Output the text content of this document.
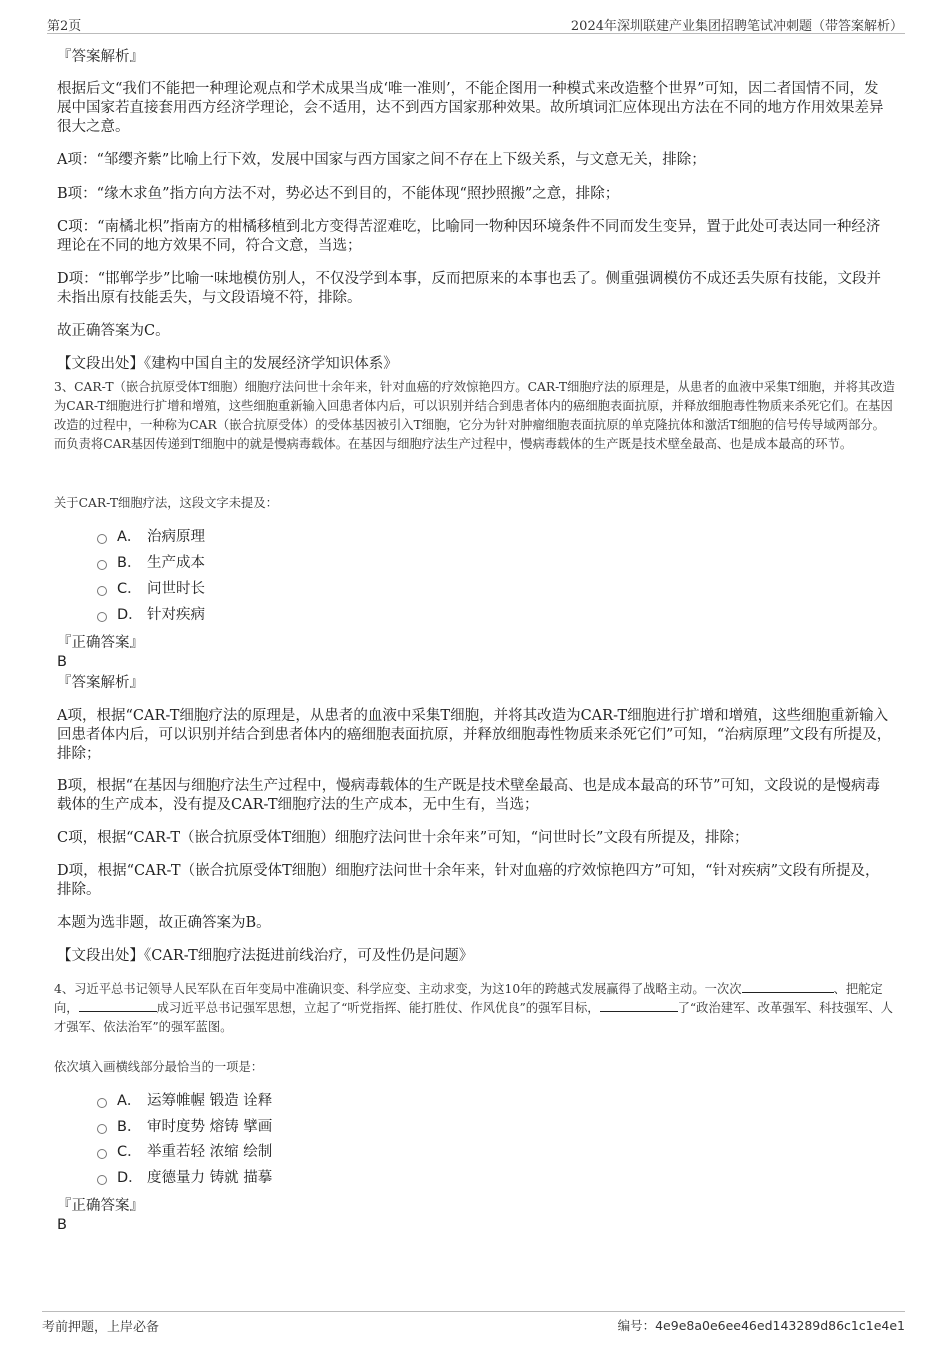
第2页	2024年深圳联建产业集团招聘笔试冲刺题（带答案解析）
『答案解析』
根据后文“我们不能把一种理论观点和学术成果当成‘唯一准则’，不能企图用一种模式来改造整个世界”可知，因二者国情不同，发展中国家若直接套用西方经济学理论，会不适用，达不到西方国家那种效果。故所填词汇应体现出方法在不同的地方作用效果差异很大之意。
A项：“邹缨齐紫”比喻上行下效，发展中国家与西方国家之间不存在上下级关系，与文意无关，排除；
B项：“缘木求鱼”指方向方法不对，势必达不到目的，不能体现“照抄照搬”之意，排除；
C项：“南橘北枳”指南方的柑橘移植到北方变得苦涩难吃，比喻同一物种因环境条件不同而发生变异，置于此处可表达同一种经济理论在不同的地方效果不同，符合文意，当选；
D项：“邯郸学步”比喻一味地模仿别人，不仅没学到本事，反而把原来的本事也丢了。侧重强调模仿不成还丢失原有技能，文段并未指出原有技能丢失，与文段语境不符，排除。
故正确答案为C。
【文段出处】《建构中国自主的发展经济学知识体系》
3、CAR-T（嵌合抗原受体T细胞）细胞疗法问世十余年来，针对血癌的疗效惊艳四方。CAR-T细胞疗法的原理是，从患者的血液中采集T细胞，并将其改造为CAR-T细胞进行扩增和增殖，这些细胞重新输入回患者体内后，可以识别并结合到患者体内的癌细胞表面抗原，并释放细胞毒性物质来杀死它们。在基因改造的过程中，一种称为CAR（嵌合抗原受体）的受体基因被引入T细胞，它分为针对肿瘤细胞表面抗原的单克隆抗体和激活T细胞的信号传导域两部分。而负责将CAR基因传递到T细胞中的就是慢病毒载体。在基因与细胞疗法生产过程中，慢病毒载体的生产既是技术壁垒最高、也是成本最高的环节。
关于CAR-T细胞疗法，这段文字未提及：
A． 治病原理
B． 生产成本
C． 问世时长
D． 针对疾病
『正确答案』
B
『答案解析』
A项，根据“CAR-T细胞疗法的原理是，从患者的血液中采集T细胞，并将其改造为CAR-T细胞进行扩增和增殖，这些细胞重新输入回患者体内后，可以识别并结合到患者体内的癌细胞表面抗原，并释放细胞毒性物质来杀死它们”可知，“治病原理”文段有所提及，排除；
B项，根据“在基因与细胞疗法生产过程中，慢病毒载体的生产既是技术壁垒最高、也是成本最高的环节”可知，文段说的是慢病毒载体的生产成本，没有提及CAR-T细胞疗法的生产成本，无中生有，当选；
C项，根据“CAR-T（嵌合抗原受体T细胞）细胞疗法问世十余年来”可知，“问世时长”文段有所提及，排除；
D项，根据“CAR-T（嵌合抗原受体T细胞）细胞疗法问世十余年来，针对血癌的疗效惊艳四方”可知，“针对疾病”文段有所提及，排除。
本题为选非题，故正确答案为B。
【文段出处】《CAR-T细胞疗法挺进前线治疗，可及性仍是问题》
4、习近平总书记领导人民军队在百年变局中准确识变、科学应变、主动求变，为这10年的跨越式发展赢得了战略主动。一次次	、把舵定向，	成习近平总书记强军思想，立起了“听党指挥、能打胜仗、作风优良”的强军目标，	了“政治建军、改革强军、科技强军、人才强军、依法治军”的强军蓝图。
依次填入画横线部分最恰当的一项是：
A． 运筹帷幄 锻造 诠释
B． 审时度势 熔铸 擘画
C． 举重若轻 浓缩 绘制
D． 度德量力 铸就 描摹
『正确答案』
B
考前押题，上岸必备	编号：4e9e8a0e6ee46ed143289d86c1c1e4e1
